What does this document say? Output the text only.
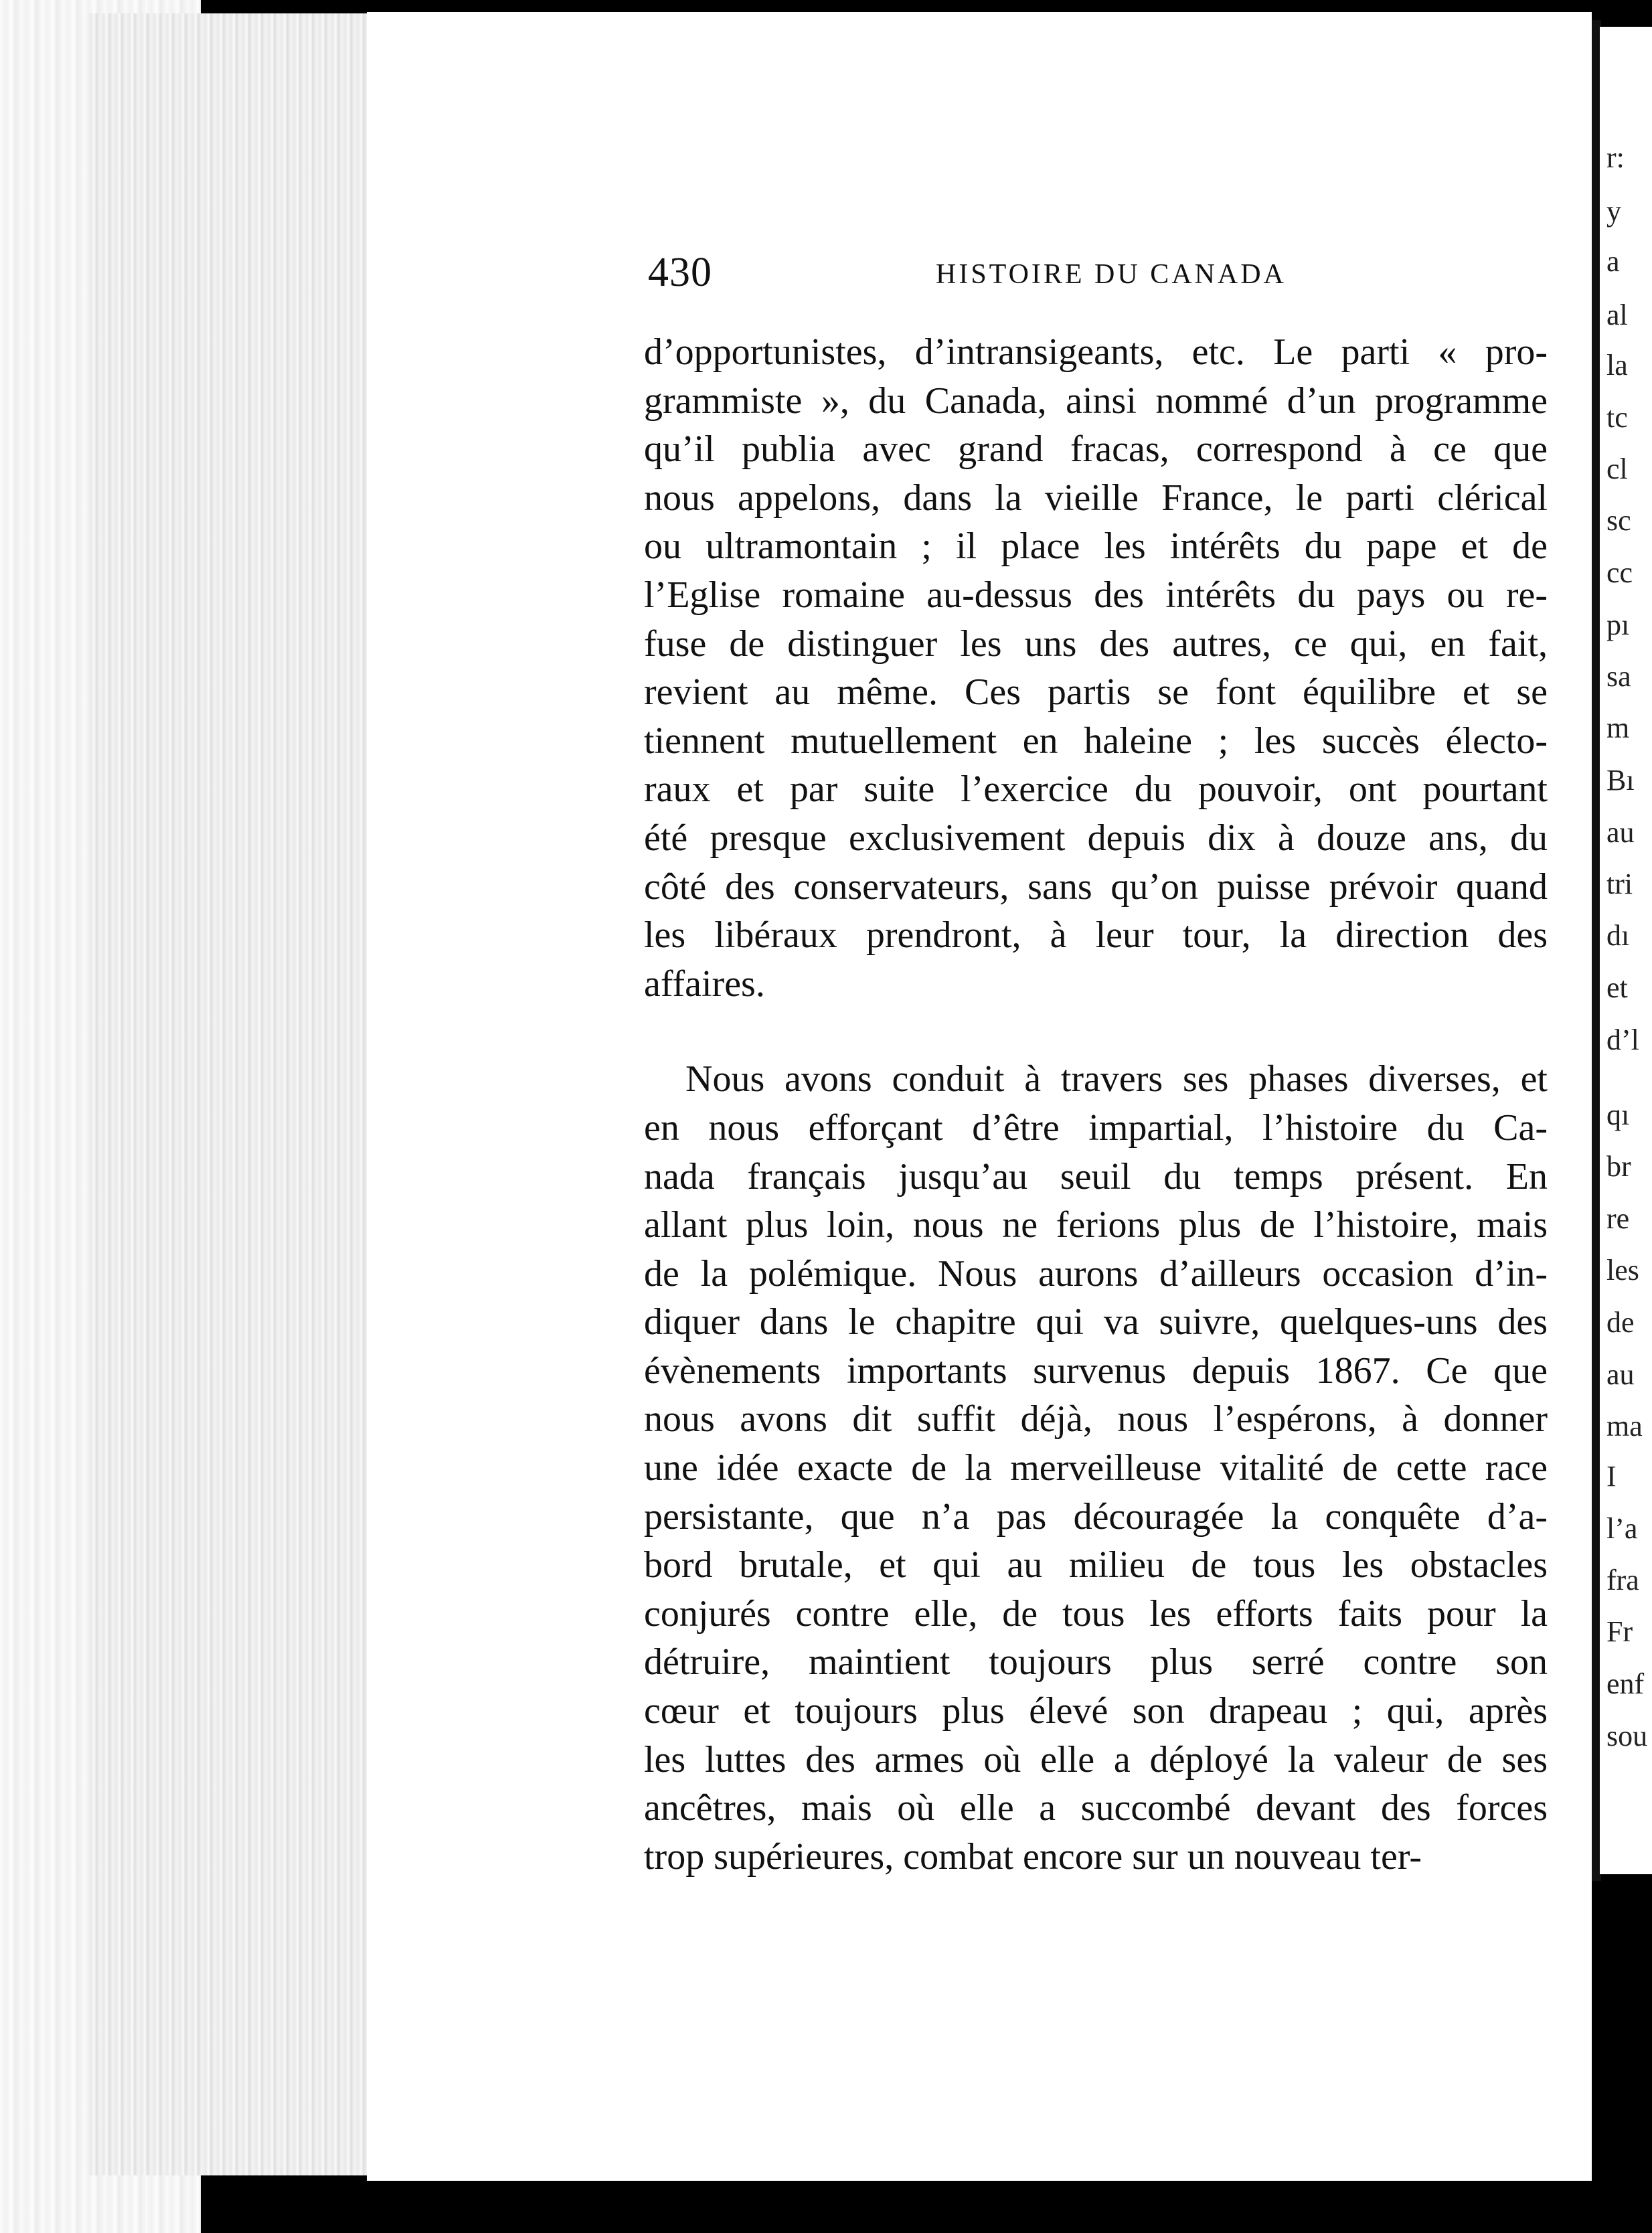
r:
y
a
al
la
tc
cl
sc
cc
pı
sa
m
Bı
au
tri
dı
et
d’l
qı
br
re
les
de
au
ma
I
l’a
fra
Fr
enf
sou
430	HISTOIRE DU CANADA
d’opportunistes, d’intransigeants, etc. Le parti « pro-
grammiste », du Canada, ainsi nommé d’un programme
qu’il publia avec grand fracas, correspond à ce que
nous appelons, dans la vieille France, le parti clérical
ou ultramontain ; il place les intérêts du pape et de
l’Eglise romaine au-dessus des intérêts du pays ou re-
fuse de distinguer les uns des autres, ce qui, en fait,
revient au même. Ces partis se font équilibre et se
tiennent mutuellement en haleine ; les succès électo-
raux et par suite l’exercice du pouvoir, ont pourtant
été presque exclusivement depuis dix à douze ans, du
côté des conservateurs, sans qu’on puisse prévoir quand
les libéraux prendront, à leur tour, la direction des
affaires.
Nous avons conduit à travers ses phases diverses, et
en nous efforçant d’être impartial, l’histoire du Ca-
nada français jusqu’au seuil du temps présent. En
allant plus loin, nous ne ferions plus de l’histoire, mais
de la polémique. Nous aurons d’ailleurs occasion d’in-
diquer dans le chapitre qui va suivre, quelques-uns des
évènements importants survenus depuis 1867. Ce que
nous avons dit suffit déjà, nous l’espérons, à donner
une idée exacte de la merveilleuse vitalité de cette race
persistante, que n’a pas découragée la conquête d’a-
bord brutale, et qui au milieu de tous les obstacles
conjurés contre elle, de tous les efforts faits pour la
détruire, maintient toujours plus serré contre son
cœur et toujours plus élevé son drapeau ; qui, après
les luttes des armes où elle a déployé la valeur de ses
ancêtres, mais où elle a succombé devant des forces
trop supérieures, combat encore sur un nouveau ter-
